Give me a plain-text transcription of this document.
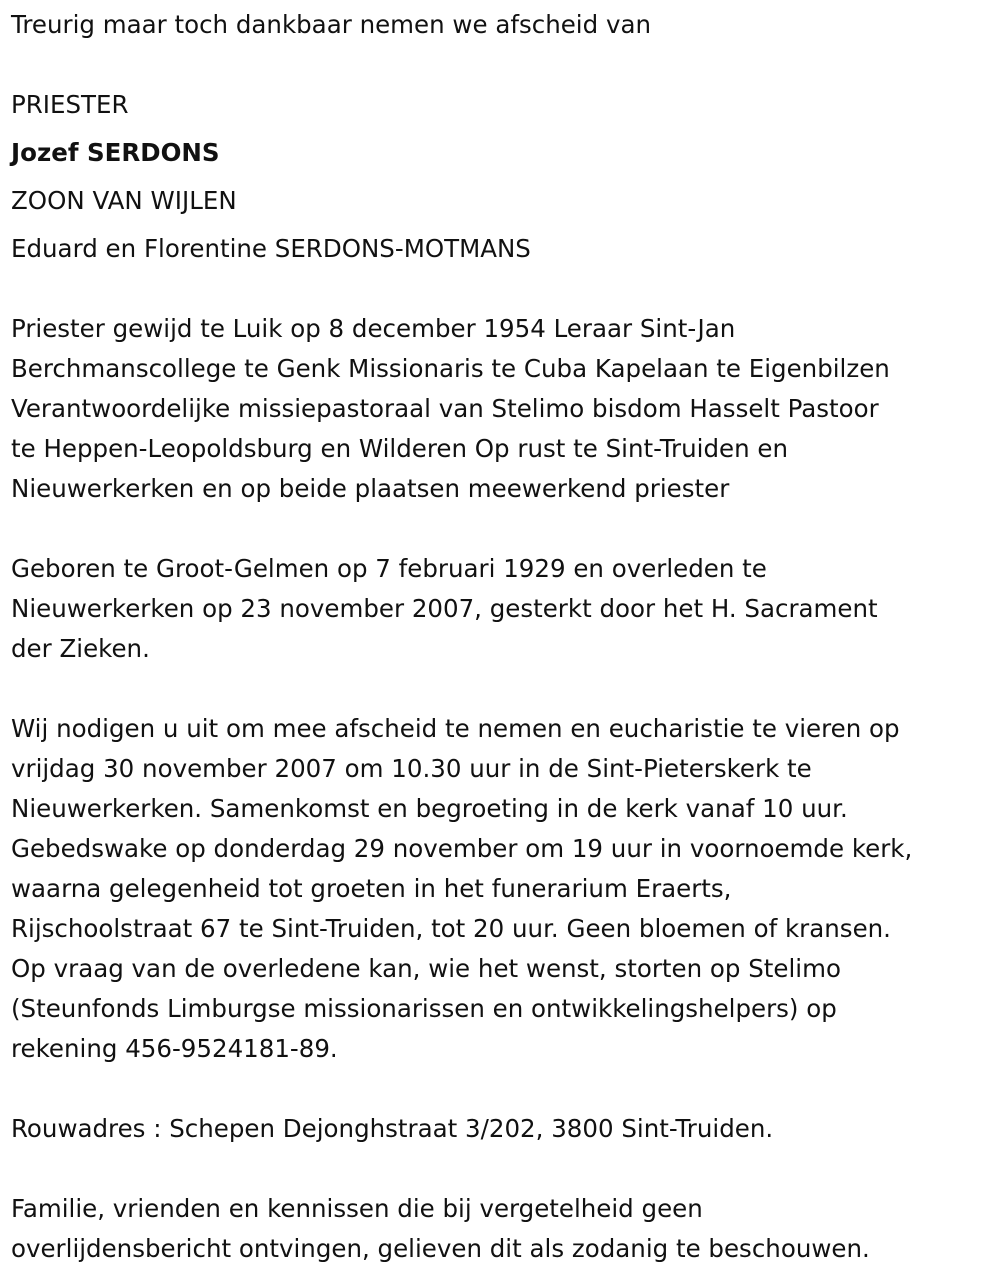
Treurig maar toch dankbaar nemen we afscheid van
PRIESTER
Jozef SERDONS
ZOON VAN WIJLEN
Eduard en Florentine SERDONS-MOTMANS
Priester gewijd te Luik op 8 december 1954 Leraar Sint-Jan
Berchmanscollege te Genk Missionaris te Cuba Kapelaan te Eigenbilzen
Verantwoordelijke missiepastoraal van Stelimo bisdom Hasselt Pastoor
te Heppen-Leopoldsburg en Wilderen Op rust te Sint-Truiden en
Nieuwerkerken en op beide plaatsen meewerkend priester
Geboren te Groot-Gelmen op 7 februari 1929 en overleden te
Nieuwerkerken op 23 november 2007, gesterkt door het H. Sacrament
der Zieken.
Wij nodigen u uit om mee afscheid te nemen en eucharistie te vieren op
vrijdag 30 november 2007 om 10.30 uur in de Sint-Pieterskerk te
Nieuwerkerken. Samenkomst en begroeting in de kerk vanaf 10 uur.
Gebedswake op donderdag 29 november om 19 uur in voornoemde kerk,
waarna gelegenheid tot groeten in het funerarium Eraerts,
Rijschoolstraat 67 te Sint-Truiden, tot 20 uur. Geen bloemen of kransen.
Op vraag van de overledene kan, wie het wenst, storten op Stelimo
(Steunfonds Limburgse missionarissen en ontwikkelingshelpers) op
rekening 456-9524181-89.
Rouwadres : Schepen Dejonghstraat 3/202, 3800 Sint-Truiden.
Familie, vrienden en kennissen die bij vergetelheid geen
overlijdensbericht ontvingen, gelieven dit als zodanig te beschouwen.
